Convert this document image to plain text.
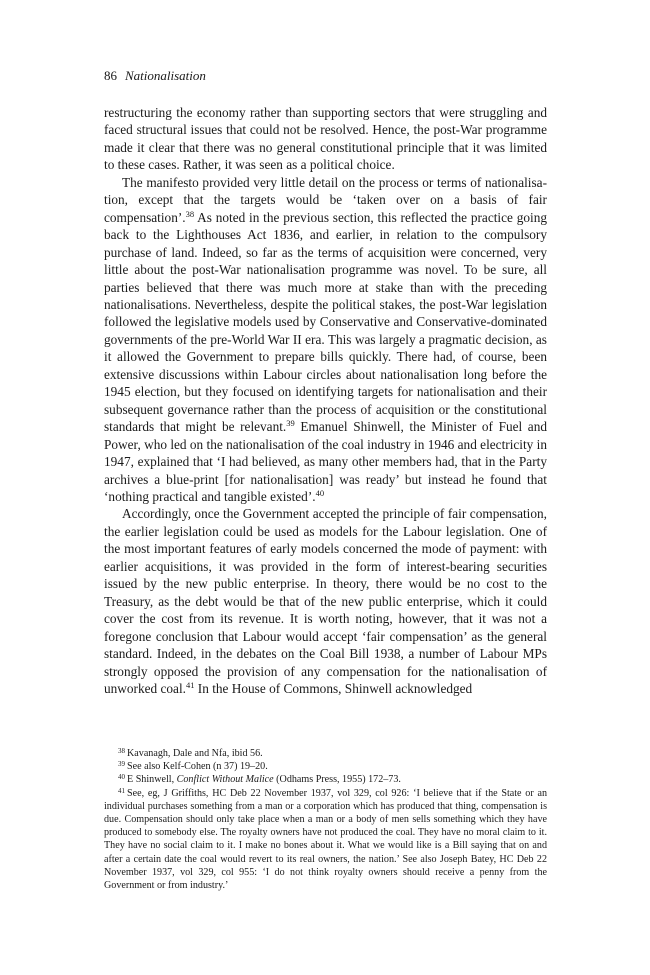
86 Nationalisation

restructuring the economy rather than supporting sectors that were struggling and faced structural issues that could not be resolved. Hence, the post-War programme made it clear that there was no general constitutional principle that it was limited to these cases. Rather, it was seen as a political choice.

The manifesto provided very little detail on the process or terms of nationalisation, except that the targets would be ‘taken over on a basis of fair compensation’.$^{38}$ As noted in the previous section, this reflected the practice going back to the Lighthouses Act 1836, and earlier, in relation to the compulsory purchase of land. Indeed, so far as the terms of acquisition were concerned, very little about the post-War nationalisation programme was novel. To be sure, all parties believed that there was much more at stake than with the preceding nationalisations. Nevertheless, despite the political stakes, the post-War legislation followed the legislative models used by Conservative and Conservative-dominated governments of the pre-World War II era. This was largely a pragmatic decision, as it allowed the Government to prepare bills quickly. There had, of course, been extensive discussions within Labour circles about nationalisation long before the 1945 election, but they focused on identifying targets for nationalisation and their subsequent governance rather than the process of acquisition or the constitutional standards that might be relevant.$^{39}$ Emanuel Shinwell, the Minister of Fuel and Power, who led on the nationalisation of the coal industry in 1946 and electricity in 1947, explained that ‘I had believed, as many other members had, that in the Party archives a blue-print [for nationalisation] was ready’ but instead he found that ‘nothing practical and tangible existed’.$^{40}$

Accordingly, once the Government accepted the principle of fair compensation, the earlier legislation could be used as models for the Labour legislation. One of the most important features of early models concerned the mode of payment: with earlier acquisitions, it was provided in the form of interest-bearing securities issued by the new public enterprise. In theory, there would be no cost to the Treasury, as the debt would be that of the new public enterprise, which it could cover the cost from its revenue. It is worth noting, however, that it was not a foregone conclusion that Labour would accept ‘fair compensation’ as the general standard. Indeed, in the debates on the Coal Bill 1938, a number of Labour MPs strongly opposed the provision of any compensation for the nationalisation of unworked coal.$^{41}$ In the House of Commons, Shinwell acknowledged

$^{38}$ Kavanagh, Dale and Nfa, ibid 56.

$^{39}$ See also Kelf-Cohen (n 37) 19–20.

$^{40}$ E Shinwell, Conflict Without Malice (Odhams Press, 1955) 172–73.

$^{41}$ See, eg, J Griffiths, HC Deb 22 November 1937, vol 329, col 926: ‘I believe that if the State or an individual purchases something from a man or a corporation which has produced that thing, compensation is due. Compensation should only take place when a man or a body of men sells something which they have produced to somebody else. The royalty owners have not produced the coal. They have no moral claim to it. They have no social claim to it. I make no bones about it. What we would like is a Bill saying that on and after a certain date the coal would revert to its real owners, the nation.’ See also Joseph Batey, HC Deb 22 November 1937, vol 329, col 955: ‘I do not think royalty owners should receive a penny from the Government or from industry.’
